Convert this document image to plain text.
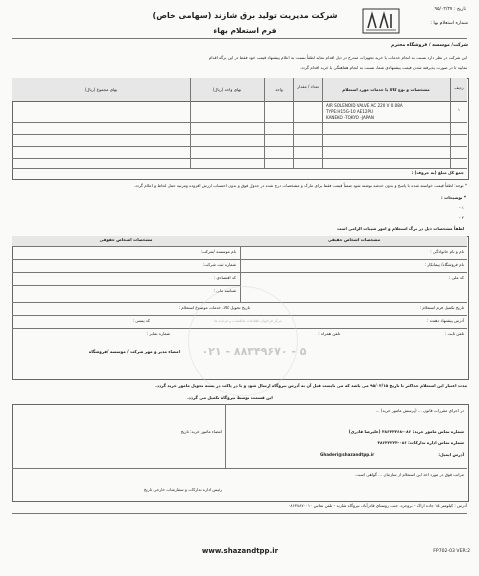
تاریخ : ۹۵/۰۲/۲۷
شماره استعلام بها :
شرکت مدیریت تولید برق شازند (سهامی خاص)
فرم استعلام بهاء
شرکت/ موسسه / فروشگاه محترم
این شرکت در نظر دارد نسبت به انجام خدمات یا خرید تجهیزات مندرج در ذیل اقدام نماید لطفاً نسبت به اعلام پیشنهاد قیمت خود فقط در این برگه اقدام
نمایید تا در صورت پذیرفته شدن قیمت پیشنهادی شما، نسبت به انجام هماهنگی با خرید اقدام گردد.
ردیف
مشخصات و نوع کالا یا خدمات مورد استعلام
تعداد / مقدار
واحد
بهای واحد (ریال)
بهای مجموع (ریال)
۱
AIR SOLENOID VALVE AC 220 V 0.08A
TYPE:H15G-10 AE12PU
KANEKO -TOKYO -JAPAN
جمع کل مبلغ (به حروف) :
* توجه: لطفاً قیمت خواسته شده با پاسخ و بدون خدشه نوشته شود ضمناً قیمت فقط برای مارک و مشخصات درج شده در جدول فوق و بدون احتساب ارزش افزوده ومرتبه حمل لحاظ و اعلام گردد.
* توضیحات :
۱ -
۲ -
لطفاً مشخصات ذیل در برگ استعلام و امور شیبات الزامی است
مشخصات اشخاص حقیقی
مشخصات اشخاص حقوقی
نام و نام خانوادگی :
نام فروشگاه/ پیمانکار :
کد ملی :
نام موسسه /شرکت:
شماره ثبت شرکت:
کد اقتصادی :
شناسه ملی :
تاریخ تکمیل فرم استعلام :
تاریخ تحویل کالا، خدمات موضوع استعلام :
آدرس پیشنهاد دهنده :
کد پستی :
تلفن ثابت :
تلفن همراه :
شماره نمابر :
مرکز فراخوان اطلاعات مناقصات و مزایده ها
۰۲۱ - ۸۸۳۴۹۶۷۰ - ۵
امضاء مدیر و مهر شرکت / موسسه /فروشگاه
مدت اعتبار این استعلام حداکثر تا تاریخ ۹۵/۰۳/۱۵ می باشد که می بایست قبل آن به آدرس نیروگاه ارسال شود و یا در پاکت در بسته تحویل مامور خرید گردد.
این قسمت توسط نیروگاه تکمیل می گردد.
در اجرای مقررات قانون ... (پرسش مامور خرید) ...
شماره تماس مامور خرید: ۰۸۶-۳۸۶۴۴۴۶۸ (علیرضا قادری)
شماره تماس اداره تدارکات: ۰۸۶-۳۸۶۴۲۲۲۴
آدرس ایمیل:
Ghaderi@shazandtpp.ir
امضاء مامور خرید: تاریخ
مراتب فوق در مورد اخذ این استعلام از سازمان ... گواهی است.
رئیس اداره تدارکات و سفارشات خارجی تاریخ
آدرس : کیلومتر ۱۵ جاده اراک - بروجرد، جنب روستای قادرآباد، نیروگاه شازند - تلفن تماس ۰۸۶۳۸۸۷۰۰۱۰
www.shazandtpp.ir	FP702-03 VER:2
